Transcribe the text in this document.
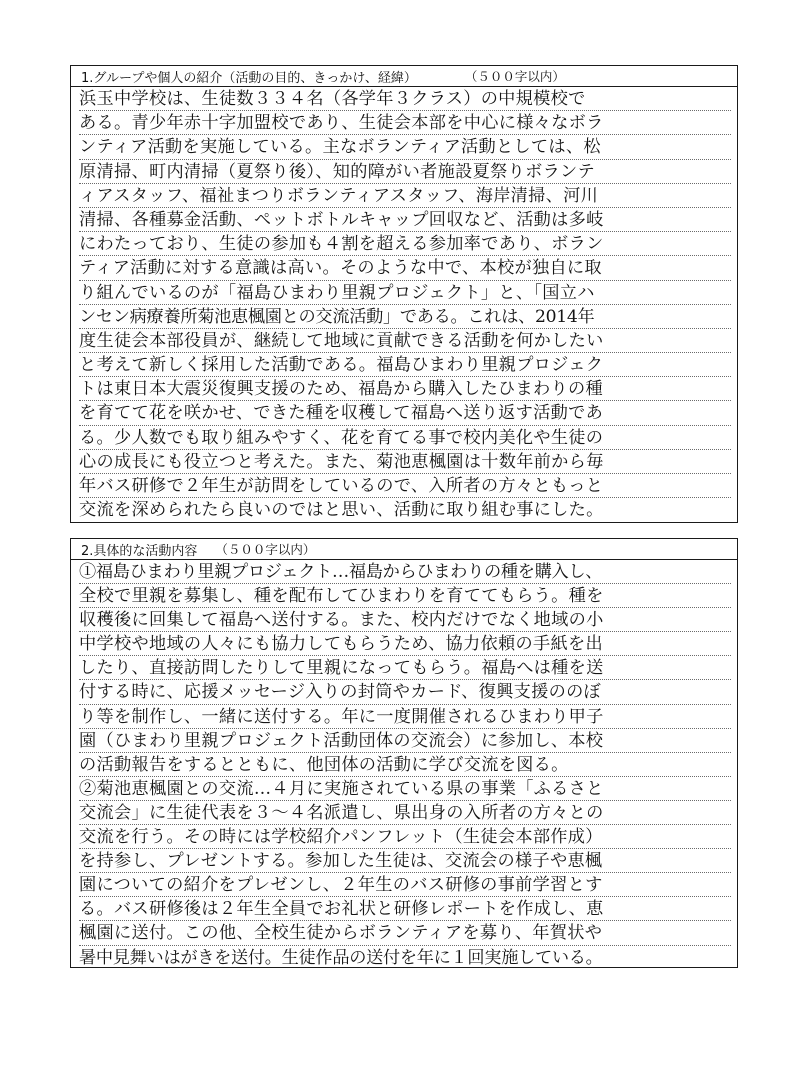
1.グループや個人の紹介（活動の目的、きっかけ、経緯）	（５００字以内）
浜玉中学校は、生徒数３３４名（各学年３クラス）の中規模校で
ある。青少年赤十字加盟校であり、生徒会本部を中心に様々なボラ
ンティア活動を実施している。主なボランティア活動としては、松
原清掃、町内清掃（夏祭り後）、知的障がい者施設夏祭りボランテ
ィアスタッフ、福祉まつりボランティアスタッフ、海岸清掃、河川
清掃、各種募金活動、ペットボトルキャップ回収など、活動は多岐
にわたっており、生徒の参加も４割を超える参加率であり、ボラン
ティア活動に対する意識は高い。そのような中で、本校が独自に取
り組んでいるのが「福島ひまわり里親プロジェクト」と、「国立ハ
ンセン病療養所菊池恵楓園との交流活動」である。これは、2014年
度生徒会本部役員が、継続して地域に貢献できる活動を何かしたい
と考えて新しく採用した活動である。福島ひまわり里親プロジェク
トは東日本大震災復興支援のため、福島から購入したひまわりの種
を育てて花を咲かせ、できた種を収穫して福島へ送り返す活動であ
る。少人数でも取り組みやすく、花を育てる事で校内美化や生徒の
心の成長にも役立つと考えた。また、菊池恵楓園は十数年前から毎
年バス研修で２年生が訪問をしているので、入所者の方々ともっと
交流を深められたら良いのではと思い、活動に取り組む事にした。
2.具体的な活動内容 （５００字以内）
①福島ひまわり里親プロジェクト…福島からひまわりの種を購入し、
全校で里親を募集し、種を配布してひまわりを育ててもらう。種を
収穫後に回集して福島へ送付する。また、校内だけでなく地域の小
中学校や地域の人々にも協力してもらうため、協力依頼の手紙を出
したり、直接訪問したりして里親になってもらう。福島へは種を送
付する時に、応援メッセージ入りの封筒やカード、復興支援ののぼ
り等を制作し、一緒に送付する。年に一度開催されるひまわり甲子
園（ひまわり里親プロジェクト活動団体の交流会）に参加し、本校
の活動報告をするとともに、他団体の活動に学び交流を図る。
②菊池恵楓園との交流…４月に実施されている県の事業「ふるさと
交流会」に生徒代表を３～４名派遣し、県出身の入所者の方々との
交流を行う。その時には学校紹介パンフレット（生徒会本部作成）
を持参し、プレゼントする。参加した生徒は、交流会の様子や恵楓
園についての紹介をプレゼンし、２年生のバス研修の事前学習とす
る。バス研修後は２年生全員でお礼状と研修レポートを作成し、恵
楓園に送付。この他、全校生徒からボランティアを募り、年賀状や
暑中見舞いはがきを送付。生徒作品の送付を年に１回実施している。
